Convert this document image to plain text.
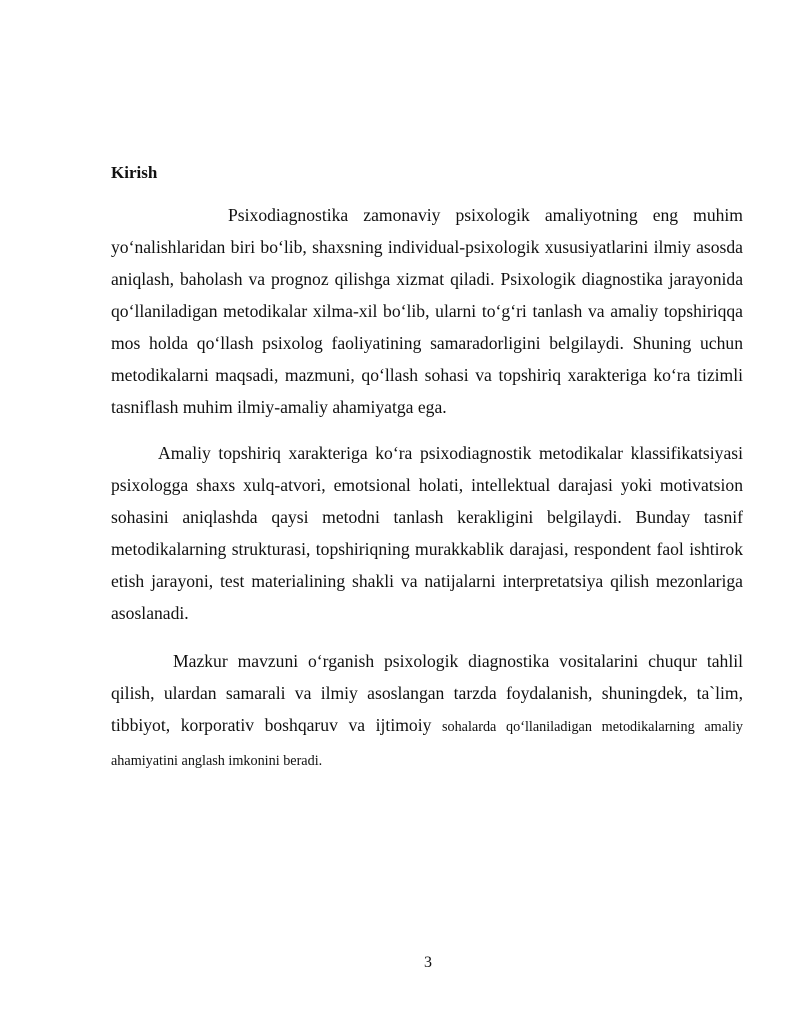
Kirish

Psixodiagnostika zamonaviy psixologik amaliyotning eng muhim yo‘nalishlaridan biri bo‘lib, shaxsning individual-psixologik xususiyatlarini ilmiy asosda aniqlash, baholash va prognoz qilishga xizmat qiladi. Psixologik diagnostika jarayonida qo‘llaniladigan metodikalar xilma-xil bo‘lib, ularni to‘g‘ri tanlash va amaliy topshiriqqa mos holda qo‘llash psixolog faoliyatining samaradorligini belgilaydi. Shuning uchun metodikalarni maqsadi, mazmuni, qo‘llash sohasi va topshiriq xarakteriga ko‘ra tizimli tasniflash muhim ilmiy-amaliy ahamiyatga ega.

Amaliy topshiriq xarakteriga ko‘ra psixodiagnostik metodikalar klassifikatsiyasi psixologga shaxs xulq-atvori, emotsional holati, intellektual darajasi yoki motivatsion sohasini aniqlashda qaysi metodni tanlash kerakligini belgilaydi. Bunday tasnif metodikalarning strukturasi, topshiriqning murakkablik darajasi, respondent faol ishtirok etish jarayoni, test materialining shakli va natijalarni interpretatsiya qilish mezonlariga asoslanadi.

Mazkur mavzuni o‘rganish psixologik diagnostika vositalarini chuqur tahlil qilish, ulardan samarali va ilmiy asoslangan tarzda foydalanish, shuningdek, ta`lim, tibbiyot, korporativ boshqaruv va ijtimoiy sohalarda qo‘llaniladigan metodikalarning amaliy ahamiyatini anglash imkonini beradi.

3
